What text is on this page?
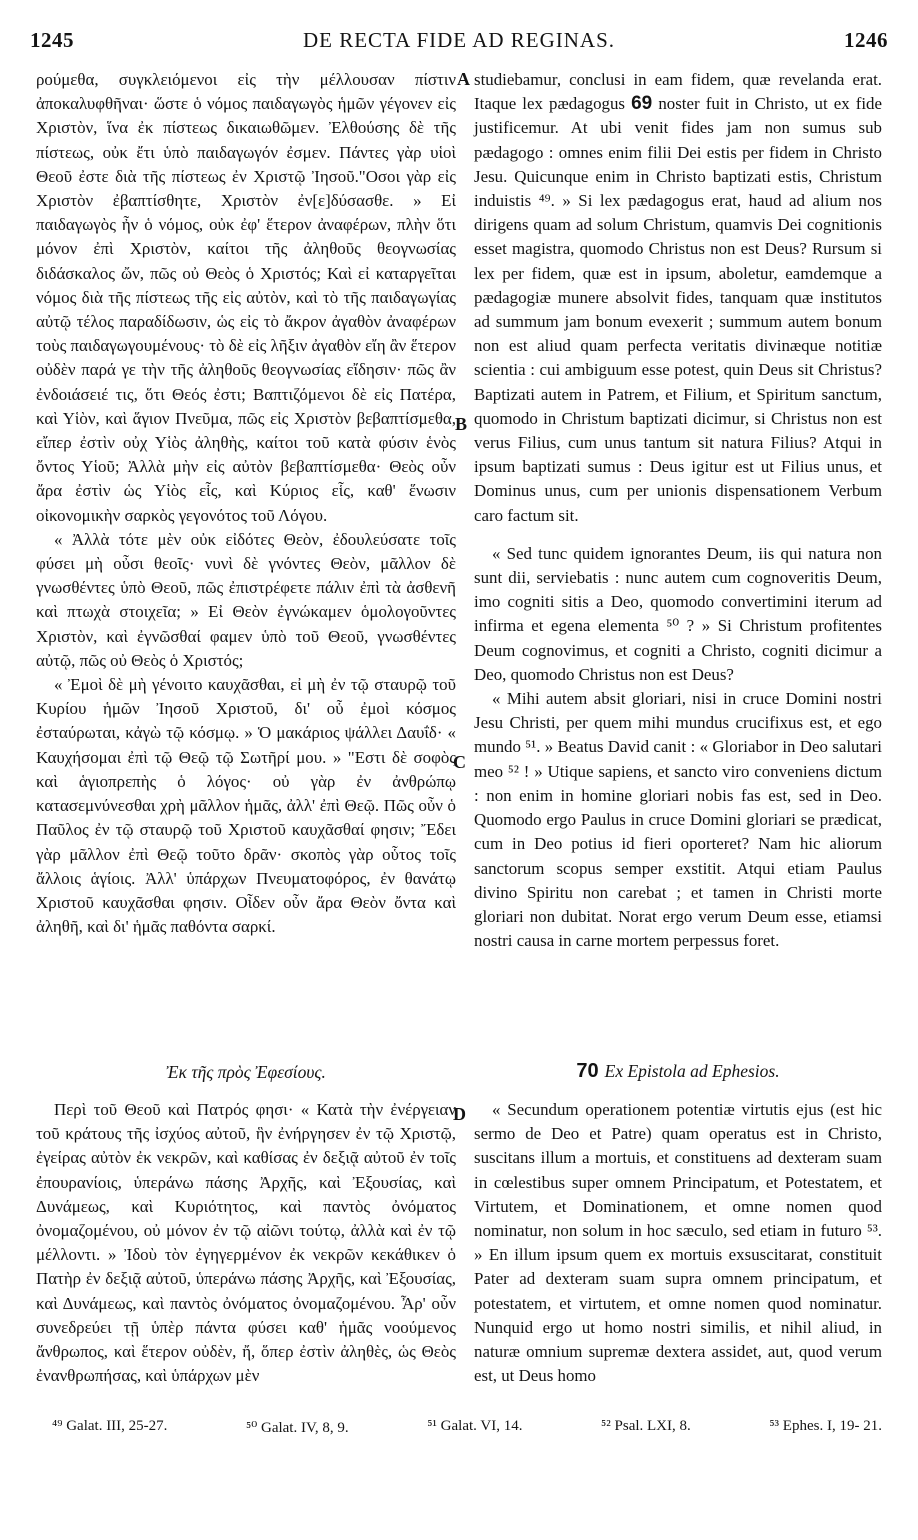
1245	DE RECTA FIDE AD REGINAS.	1246

ρούμεθα, συγκλειόμενοι εἰς τὴν μέλλουσαν πίστιν ἀποκαλυφθῆναι· ὥστε ὁ νόμος παιδαγωγὸς ἡμῶν γέγονεν εἰς Χριστὸν, ἵνα ἐκ πίστεως δικαιωθῶμεν. Ἐλθούσης δὲ τῆς πίστεως, οὐκ ἔτι ὑπὸ παιδαγωγόν ἐσμεν. Πάντες γὰρ υἱοὶ Θεοῦ ἐστε διὰ τῆς πίστεως ἐν Χριστῷ Ἰησοῦ."Οσοι γὰρ εἰς Χριστὸν ἐβαπτίσθητε, Χριστὸν ἐν[ε]δύσασθε. » Εἰ παιδαγωγὸς ἦν ὁ νόμος, οὐκ ἐφ' ἕτερον ἀναφέρων, πλὴν ὅτι μόνον ἐπὶ Χριστὸν, καίτοι τῆς ἀληθοῦς θεογνωσίας διδάσκαλος ὤν, πῶς οὐ Θεὸς ὁ Χριστός; Καὶ εἰ καταργεῖται νόμος διὰ τῆς πίστεως τῆς εἰς αὐτὸν, καὶ τὸ τῆς παιδαγωγίας αὐτῷ τέλος παραδίδωσιν, ὡς εἰς τὸ ἄκρον ἀγαθὸν ἀναφέρων τοὺς παιδαγωγουμένους· τὸ δὲ εἰς λῆξιν ἀγαθὸν εἴη ἂν ἕτερον οὐδὲν παρά γε τὴν τῆς ἀληθοῦς θεογνωσίας εἴδησιν· πῶς ἂν ἐνδοιάσειέ τις, ὅτι Θεός ἐστι; Βαπτιζόμενοι δὲ εἰς Πατέρα, καὶ Υἱὸν, καὶ ἅγιον Πνεῦμα, πῶς εἰς Χριστὸν βεβαπτίσμεθα, εἴπερ ἐστὶν οὐχ Υἱὸς ἀληθὴς, καίτοι τοῦ κατὰ φύσιν ἑνὸς ὄντος Υἱοῦ; Ἀλλὰ μὴν εἰς αὐτὸν βεβαπτίσμεθα· Θεὸς οὖν ἄρα ἐστὶν ὡς Υἱὸς εἷς, καὶ Κύριος εἷς, καθ' ἕνωσιν οἰκονομικὴν σαρκὸς γεγονότος τοῦ Λόγου.

« Ἀλλὰ τότε μὲν οὐκ εἰδότες Θεὸν, ἐδουλεύσατε τοῖς φύσει μὴ οὖσι θεοῖς· νυνὶ δὲ γνόντες Θεὸν, μᾶλλον δὲ γνωσθέντες ὑπὸ Θεοῦ, πῶς ἐπιστρέφετε πάλιν ἐπὶ τὰ ἀσθενῆ καὶ πτωχὰ στοιχεῖα; » Εἰ Θεὸν ἐγνώκαμεν ὁμολογοῦντες Χριστὸν, καὶ ἐγνῶσθαί φαμεν ὑπὸ τοῦ Θεοῦ, γνωσθέντες αὐτῷ, πῶς οὐ Θεὸς ὁ Χριστός;

« Ἐμοὶ δὲ μὴ γένοιτο καυχᾶσθαι, εἰ μὴ ἐν τῷ σταυρῷ τοῦ Κυρίου ἡμῶν Ἰησοῦ Χριστοῦ, δι' οὗ ἐμοὶ κόσμος ἐσταύρωται, κἀγὼ τῷ κόσμῳ. » Ὁ μακάριος ψάλλει Δαυΐδ· « Καυχήσομαι ἐπὶ τῷ Θεῷ τῷ Σωτῆρί μου. » "Εστι δὲ σοφὸς καὶ ἁγιοπρεπὴς ὁ λόγος· οὐ γὰρ ἐν ἀνθρώπῳ κατασεμνύνεσθαι χρὴ μᾶλλον ἡμᾶς, ἀλλ' ἐπὶ Θεῷ. Πῶς οὖν ὁ Παῦλος ἐν τῷ σταυρῷ τοῦ Χριστοῦ καυχᾶσθαί φησιν; Ἔδει γὰρ μᾶλλον ἐπὶ Θεῷ τοῦτο δρᾶν· σκοπὸς γὰρ οὗτος τοῖς ἄλλοις ἁγίοις. Ἀλλ' ὑπάρχων Πνευματοφόρος, ἐν θανάτῳ Χριστοῦ καυχᾶσθαι φησιν. Οἶδεν οὖν ἄρα Θεὸν ὄντα καὶ ἀληθῆ, καὶ δι' ἡμᾶς παθόντα σαρκί.

Ἐκ τῆς πρὸς Ἐφεσίους.

Περὶ τοῦ Θεοῦ καὶ Πατρός φησι· « Κατὰ τὴν ἐνέργειαν τοῦ κράτους τῆς ἰσχύος αὐτοῦ, ἣν ἐνήργησεν ἐν τῷ Χριστῷ, ἐγείρας αὐτὸν ἐκ νεκρῶν, καὶ καθίσας ἐν δεξιᾷ αὐτοῦ ἐν τοῖς ἐπουρανίοις, ὑπεράνω πάσης Ἀρχῆς, καὶ Ἐξουσίας, καὶ Δυνάμεως, καὶ Κυριότητος, καὶ παντὸς ὀνόματος ὀνομαζομένου, οὐ μόνον ἐν τῷ αἰῶνι τούτῳ, ἀλλὰ καὶ ἐν τῷ μέλλοντι. » Ἰδοὺ τὸν ἐγηγερμένον ἐκ νεκρῶν κεκάθικεν ὁ Πατὴρ ἐν δεξιᾷ αὐτοῦ, ὑπεράνω πάσης Ἀρχῆς, καὶ Ἐξουσίας, καὶ Δυνάμεως, καὶ παντὸς ὀνόματος ὀνομαζομένου. Ἆρ' οὖν συνεδρεύει τῇ ὑπὲρ πάντα φύσει καθ' ἡμᾶς νοούμενος ἄνθρωπος, καὶ ἕτερον οὐδὲν, ἤ, ὅπερ ἐστὶν ἀληθὲς, ὡς Θεὸς ἐνανθρωπήσας, καὶ ὑπάρχων μὲν

A
B
C
D

studiebamur, conclusi in eam fidem, quæ revelanda erat. Itaque lex pædagogus 69 noster fuit in Christo, ut ex fide justificemur. At ubi venit fides jam non sumus sub pædagogo : omnes enim filii Dei estis per fidem in Christo Jesu. Quicunque enim in Christo baptizati estis, Christum induistis ⁴⁹. » Si lex pædagogus erat, haud ad alium nos dirigens quam ad solum Christum, quamvis Dei cognitionis esset magistra, quomodo Christus non est Deus? Rursum si lex per fidem, quæ est in ipsum, aboletur, eamdemque a pædagogiæ munere absolvit fides, tanquam quæ institutos ad summum jam bonum evexerit ; summum autem bonum non est aliud quam perfecta veritatis divinæque notitiæ scientia : cui ambiguum esse potest, quin Deus sit Christus? Baptizati autem in Patrem, et Filium, et Spiritum sanctum, quomodo in Christum baptizati dicimur, si Christus non est verus Filius, cum unus tantum sit natura Filius? Atqui in ipsum baptizati sumus : Deus igitur est ut Filius unus, et Dominus unus, cum per unionis dispensationem Verbum caro factum sit.

« Sed tunc quidem ignorantes Deum, iis qui natura non sunt dii, serviebatis : nunc autem cum cognoveritis Deum, imo cogniti sitis a Deo, quomodo convertimini iterum ad infirma et egena elementa ⁵⁰ ? » Si Christum profitentes Deum cognovimus, et cogniti a Christo, cogniti dicimur a Deo, quomodo Christus non est Deus?

« Mihi autem absit gloriari, nisi in cruce Domini nostri Jesu Christi, per quem mihi mundus crucifixus est, et ego mundo ⁵¹. » Beatus David canit : « Gloriabor in Deo salutari meo ⁵² ! » Utique sapiens, et sancto viro conveniens dictum : non enim in homine gloriari nobis fas est, sed in Deo. Quomodo ergo Paulus in cruce Domini gloriari se prædicat, cum in Deo potius id fieri oporteret? Nam hic aliorum sanctorum scopus semper exstitit. Atqui etiam Paulus divino Spiritu non carebat ; et tamen in Christi morte gloriari non dubitat. Norat ergo verum Deum esse, etiamsi nostri causa in carne mortem perpessus foret.

70 Ex Epistola ad Ephesios.

« Secundum operationem potentiæ virtutis ejus (est hic sermo de Deo et Patre) quam operatus est in Christo, suscitans illum a mortuis, et constituens ad dexteram suam in cœlestibus super omnem Principatum, et Potestatem, et Virtutem, et Dominationem, et omne nomen quod nominatur, non solum in hoc sæculo, sed etiam in futuro ⁵³. » En illum ipsum quem ex mortuis exsuscitarat, constituit Pater ad dexteram suam supra omnem principatum, et potestatem, et virtutem, et omne nomen quod nominatur. Nunquid ergo ut homo nostri similis, et nihil aliud, in naturæ omnium supremæ dextera assidet, aut, quod verum est, ut Deus homo

⁴⁹ Galat. III, 25-27.	⁵⁰ Galat. IV, 8, 9.	⁵¹ Galat. VI, 14.	⁵² Psal. LXI, 8.	⁵³ Ephes. I, 19- 21.
